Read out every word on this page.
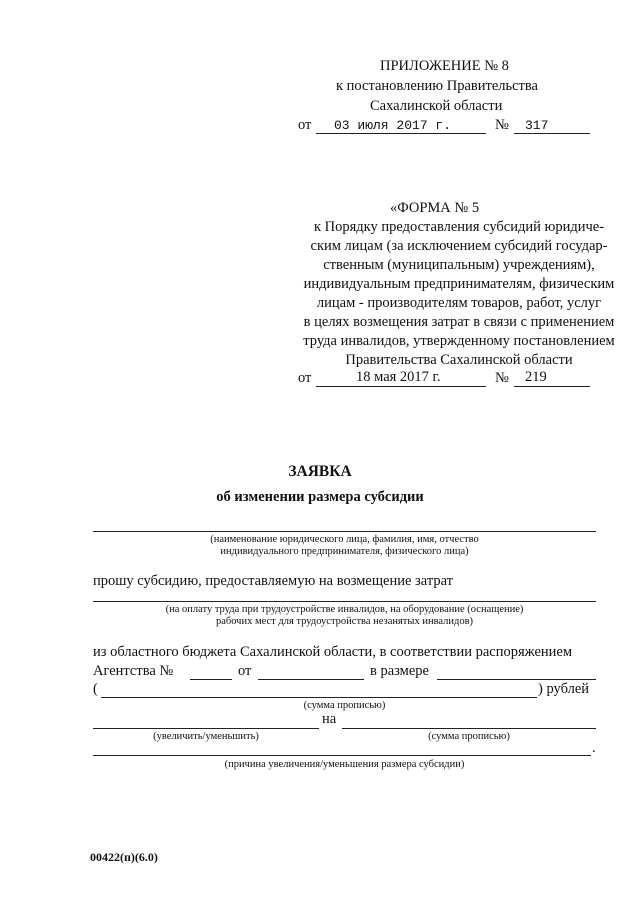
ПРИЛОЖЕНИЕ № 8
к постановлению Правительства
Сахалинской области
от 03 июля 2017 г.	№ 317
«ФОРМА № 5
к Порядку предоставления субсидий юридиче-
ским лицам (за исключением субсидий государ-
ственным (муниципальным) учреждениям),
индивидуальным предпринимателям, физическим
лицам - производителям товаров, работ, услуг
в целях возмещения затрат в связи с применением
труда инвалидов, утвержденному постановлением
Правительства Сахалинской области
от	18 мая 2017 г.	№ 219
ЗАЯВКА
об изменении размера субсидии
(наименование юридического лица, фамилия, имя, отчество
индивидуального предпринимателя, физического лица)
прошу субсидию, предоставляемую на возмещение затрат
(на оплату труда при трудоустройстве инвалидов, на оборудование (оснащение)
рабочих мест для трудоустройства незанятых инвалидов)
из областного бюджета Сахалинской области, в соответствии распоряжением
Агентства №	от	в размере
(	) рублей
(сумма прописью)
на
(увеличить/уменьшить)	(сумма прописью)
.
(причина увеличения/уменьшения размера субсидии)
00422(п)(6.0)
